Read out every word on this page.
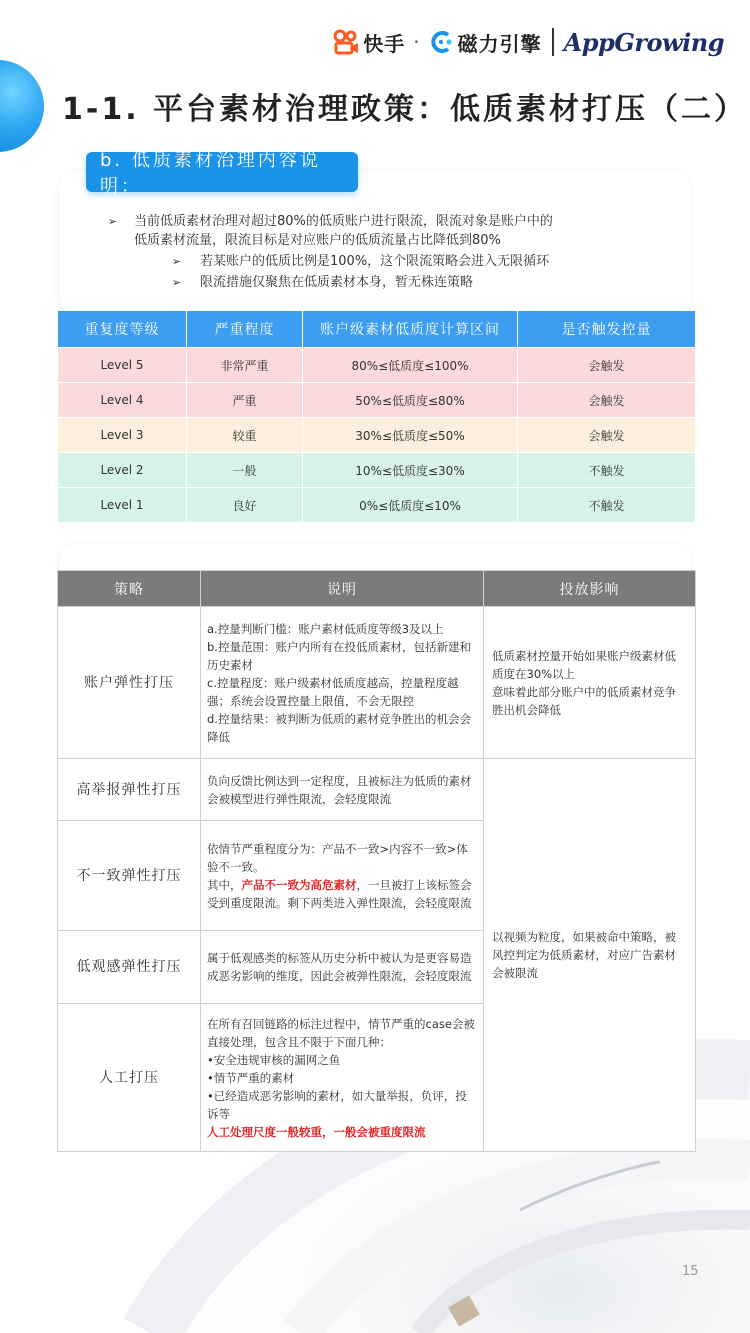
快手 · 磁力引擎 AppGrowing
1-1. 平台素材治理政策：低质素材打压（二）
b. 低质素材治理内容说明：
➢ 当前低质素材治理对超过80%的低质账户进行限流，限流对象是账户中的
低质素材流量，限流目标是对应账户的低质流量占比降低到80%
➢ 若某账户的低质比例是100%，这个限流策略会进入无限循环
➢ 限流措施仅聚焦在低质素材本身，暂无株连策略
重复度等级	严重程度	账户级素材低质度计算区间	是否触发控量
Level 5	非常严重	80%≤低质度≤100%	会触发
Level 4	严重	50%≤低质度≤80%	会触发
Level 3	较重	30%≤低质度≤50%	会触发
Level 2	一般	10%≤低质度≤30%	不触发
Level 1	良好	0%≤低质度≤10%	不触发
策略	说明	投放影响
账户弹性打压	a.控量判断门槛：账户素材低质度等级3及以上
b.控量范围：账户内所有在投低质素材，包括新建和历史素材
c.控量程度：账户级素材低质度越高，控量程度越强；系统会设置控量上限值，不会无限控
d.控量结果：被判断为低质的素材竞争胜出的机会会降低	低质素材控量开始如果账户级素材低质度在30%以上
意味着此部分账户中的低质素材竞争胜出机会降低

高举报弹性打压	负向反馈比例达到一定程度，且被标注为低质的素材会被模型进行弹性限流，会轻度限流	以视频为粒度，如果被命中策略，被风控判定为低质素材，对应广告素材会被限流
不一致弹性打压	依情节严重程度分为：产品不一致>内容不一致>体验不一致。
其中，产品不一致为高危素材，一旦被打上该标签会受到重度限流。剩下两类进入弹性限流，会轻度限流	
低观感弹性打压	属于低观感类的标签从历史分析中被认为是更容易造成恶劣影响的维度，因此会被弹性限流，会轻度限流	

人工打压	在所有召回链路的标注过程中，情节严重的case会被直接处理，包含且不限于下面几种：
•安全违规审核的漏网之鱼
•情节严重的素材
•已经造成恶劣影响的素材，如大量举报，负评，投诉等
人工处理尺度一般较重，一般会被重度限流	
15
